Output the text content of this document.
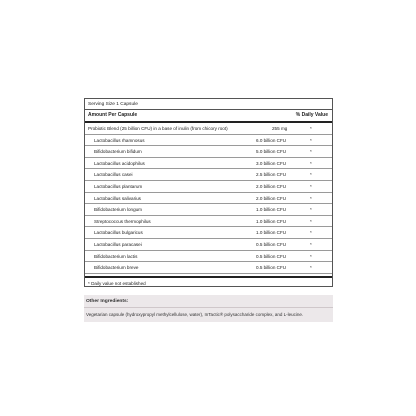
Serving Size 1 Capsule
Amount Per Capsule	% Daily Value
Probiotic Blend (25 billion CFU) in a base of inulin (from chicory root)	255 mg	*
Lactobacillus rhamnosus	6.0 billion CFU	*
Bifidobacterium bifidum	5.0 billion CFU	*
Lactobacillus acidophilus	3.0 billion CFU	*
Lactobacillus casei	2.5 billion CFU	*
Lactobacillus plantarum	2.0 billion CFU	*
Lactobacillus salivarius	2.0 billion CFU	*
Bifidobacterium longum	1.0 billion CFU	*
Streptococcus thermophilus	1.0 billion CFU	*
Lactobacillus bulgaricus	1.0 billion CFU	*
Lactobacillus paracasei	0.5 billion CFU	*
Bifidobacterium lactis	0.5 billion CFU	*
Bifidobacterium breve	0.5 billion CFU	*
* Daily value not established
Other Ingredients:
Vegetarian capsule (hydroxypropyl methylcellulose, water), InTactic® polysaccharide complex, and L-leucine.
